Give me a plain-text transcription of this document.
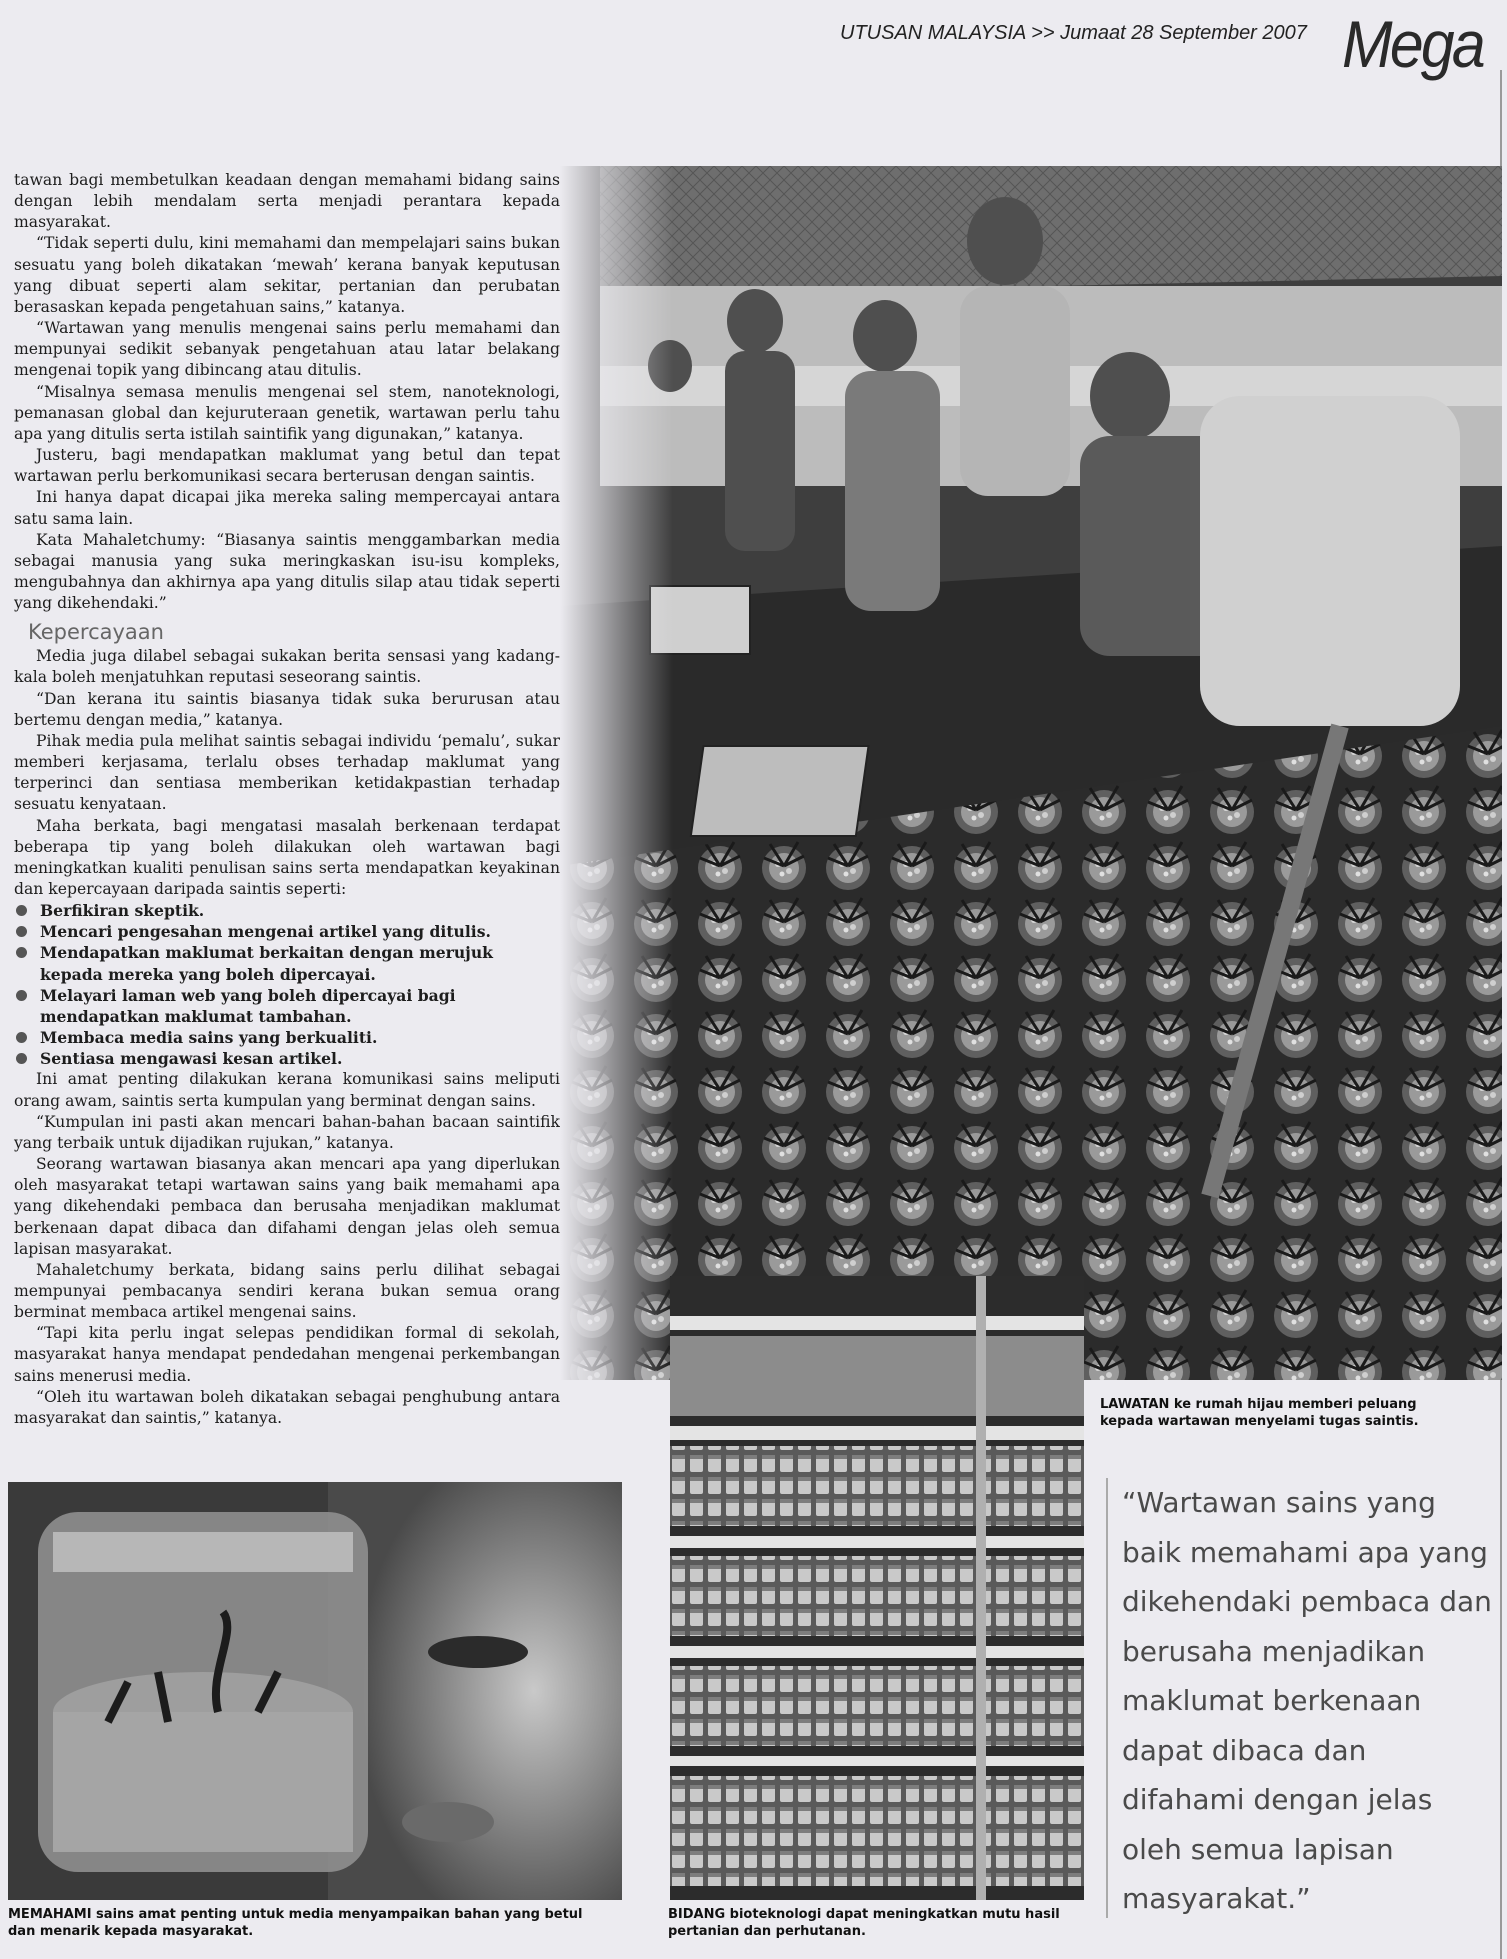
UTUSAN MALAYSIA >> Jumaat 28 September 2007 Mega

tawan bagi membetulkan keadaan dengan memahami bidang sains dengan lebih mendalam serta menjadi perantara kepada masyarakat.

“Tidak seperti dulu, kini memahami dan mempelajari sains bukan sesuatu yang boleh dikatakan ‘mewah’ kerana banyak keputusan yang dibuat seperti alam sekitar, pertanian dan perubatan berasaskan kepada pengetahuan sains,” katanya.

“Wartawan yang menulis mengenai sains perlu memahami dan mempunyai sedikit sebanyak pengetahuan atau latar belakang mengenai topik yang dibincang atau ditulis.

“Misalnya semasa menulis mengenai sel stem, nanoteknologi, pemanasan global dan kejuruteraan genetik, wartawan perlu tahu apa yang ditulis serta istilah saintifik yang digunakan,” katanya.

Justeru, bagi mendapatkan maklumat yang betul dan tepat wartawan perlu berkomunikasi secara berterusan dengan saintis.

Ini hanya dapat dicapai jika mereka saling mempercayai antara satu sama lain.

Kata Mahaletchumy: “Biasanya saintis menggambarkan media sebagai manusia yang suka meringkaskan isu-isu kompleks, mengubahnya dan akhirnya apa yang ditulis silap atau tidak seperti yang dikehendaki.”

Kepercayaan

Media juga dilabel sebagai sukakan berita sensasi yang kadang-kala boleh menjatuhkan reputasi seseorang saintis.

“Dan kerana itu saintis biasanya tidak suka berurusan atau bertemu dengan media,” katanya.

Pihak media pula melihat saintis sebagai individu ‘pemalu’, sukar memberi kerjasama, terlalu obses terhadap maklumat yang terperinci dan sentiasa memberikan ketidakpastian terhadap sesuatu kenyataan.

Maha berkata, bagi mengatasi masalah berkenaan terdapat beberapa tip yang boleh dilakukan oleh wartawan bagi meningkatkan kualiti penulisan sains serta mendapatkan keyakinan dan kepercayaan daripada saintis seperti:

Berfikiran skeptik.
Mencari pengesahan mengenai artikel yang ditulis.
Mendapatkan maklumat berkaitan dengan merujuk kepada mereka yang boleh dipercayai.
Melayari laman web yang boleh dipercayai bagi mendapatkan maklumat tambahan.
Membaca media sains yang berkualiti.
Sentiasa mengawasi kesan artikel.

Ini amat penting dilakukan kerana komunikasi sains meliputi orang awam, saintis serta kumpulan yang berminat dengan sains.

“Kumpulan ini pasti akan mencari bahan-bahan bacaan saintifik yang terbaik untuk dijadikan rujukan,” katanya.

Seorang wartawan biasanya akan mencari apa yang diperlukan oleh masyarakat tetapi wartawan sains yang baik memahami apa yang dikehendaki pembaca dan berusaha menjadikan maklumat berkenaan dapat dibaca dan difahami dengan jelas oleh semua lapisan masyarakat.

Mahaletchumy berkata, bidang sains perlu dilihat sebagai mempunyai pembacanya sendiri kerana bukan semua orang berminat membaca artikel mengenai sains.

“Tapi kita perlu ingat selepas pendidikan formal di sekolah, masyarakat hanya mendapat pendedahan mengenai perkembangan sains menerusi media.

“Oleh itu wartawan boleh dikatakan sebagai penghubung antara masyarakat dan saintis,” katanya.

LAWATAN ke rumah hijau memberi peluang kepada wartawan menyelami tugas saintis.
MEMAHAMI sains amat penting untuk media menyampaikan bahan yang betul dan menarik kepada masyarakat.
BIDANG bioteknologi dapat meningkatkan mutu hasil pertanian dan perhutanan.
“Wartawan sains yang baik memahami apa yang dikehendaki pembaca dan berusaha menjadikan maklumat berkenaan dapat dibaca dan difahami dengan jelas oleh semua lapisan masyarakat.”
